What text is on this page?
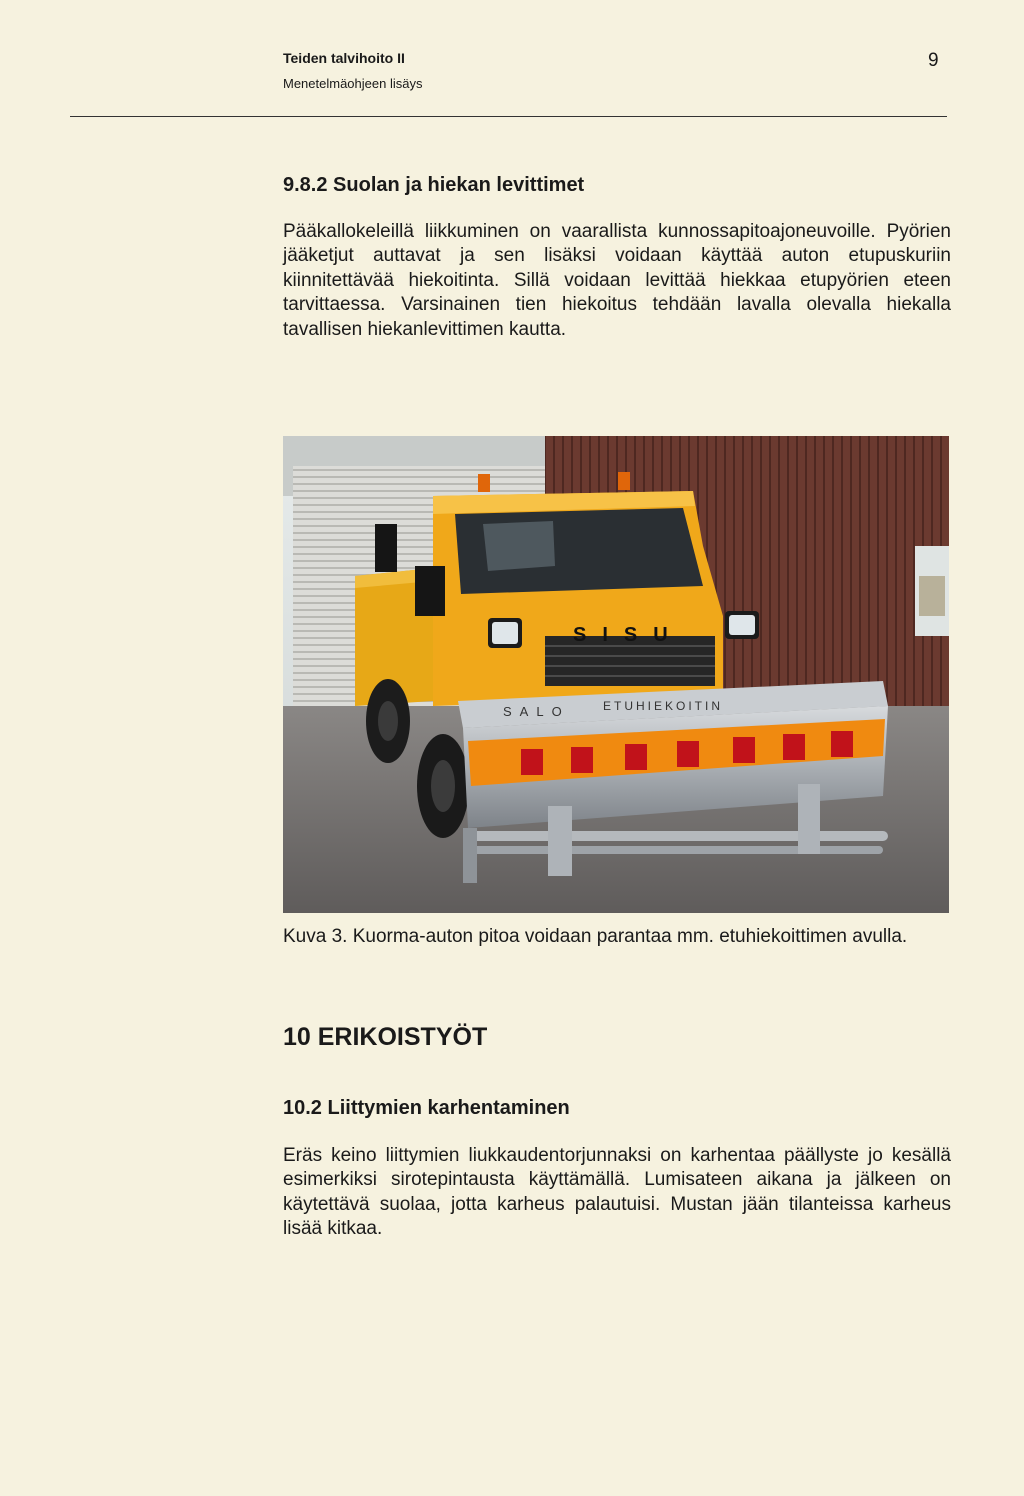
Teiden talvihoito II
Menetelmäohjeen lisäys
9
9.8.2 Suolan ja hiekan levittimet

Pääkallokeleillä liikkuminen on vaarallista kunnossapitoajoneuvoille. Pyörien jääketjut auttavat ja sen lisäksi voidaan käyttää auton etupuskuriin kiinnitettävää hiekoitinta. Sillä voidaan levittää hiekkaa etupyörien eteen tarvittaessa. Varsinainen tien hiekoitus tehdään lavalla olevalla hiekalla tavallisen hiekanlevittimen kautta.

SISU
SALO	ETUHIEKOITIN
Kuva 3. Kuorma-auton pitoa voidaan parantaa mm. etuhiekoittimen avulla.
10 ERIKOISTYÖT
10.2 Liittymien karhentaminen

Eräs keino liittymien liukkaudentorjunnaksi on karhentaa päällyste jo kesällä esimerkiksi sirotepintausta käyttämällä. Lumisateen aikana ja jälkeen on käytettävä suolaa, jotta karheus palautuisi. Mustan jään tilanteissa karheus lisää kitkaa.
